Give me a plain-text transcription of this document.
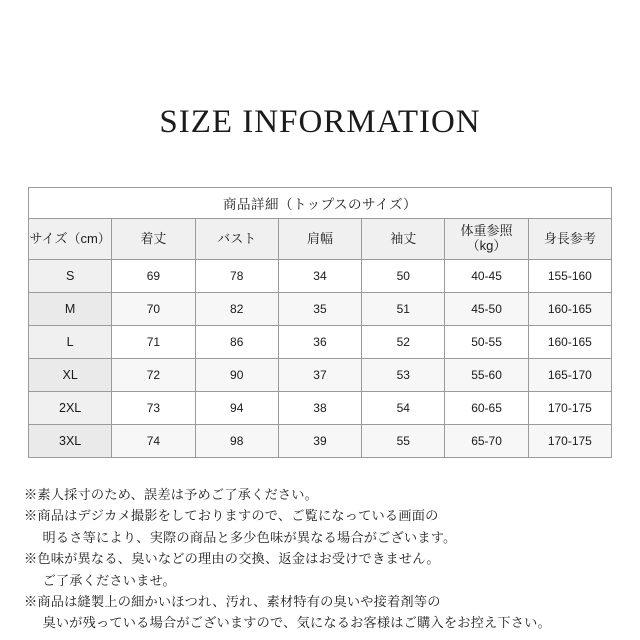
SIZE INFORMATION
商品詳細（トップスのサイズ）						
サイズ（cm）	着丈	バスト	肩幅	袖丈	体重参照（kg）	身長参考
S	69	78	34	50	40-45	155-160
M	70	82	35	51	45-50	160-165
L	71	86	36	52	50-55	160-165
XL	72	90	37	53	55-60	165-170
2XL	73	94	38	54	60-65	170-175
3XL	74	98	39	55	65-70	170-175

※素人採寸のため、誤差は予めご了承ください。

※商品はデジカメ撮影をしておりますので、ご覧になっている画面の

明るさ等により、実際の商品と多少色味が異なる場合がございます。

※色味が異なる、臭いなどの理由の交換、返金はお受けできません。

ご了承くださいませ。

※商品は縫製上の細かいほつれ、汚れ、素材特有の臭いや接着剤等の

臭いが残っている場合がございますので、気になるお客様はご購入をお控え下さい。
